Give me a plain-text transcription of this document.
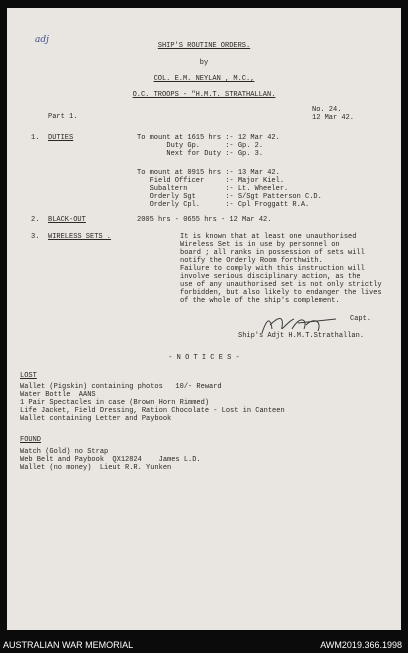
adj
SHIP'S ROUTINE ORDERS.
by
COL. E.M. NEYLAN , M.C.,
O.C. TROOPS - "H.M.T. STRATHALLAN.
Part 1.
No. 24.
12 Mar 42.
1. DUTIES	To mount at 1615 hrs :- 12 Mar 42.
Duty Gp.      :- Gp. 2.
Next for Duty :- Gp. 3.
To mount at 0915 hrs :- 13 Mar 42.
Field Officer     :- Major Kiel.
Subaltern         :- Lt. Wheeler.
Orderly Sgt       :- S/Sgt Patterson C.D.
Orderly Cpl.      :- Cpl Froggatt R.A.
2. BLACK-OUT	2005 hrs - 0655 hrs - 12 Mar 42.
3. WIRELESS SETS .	It is known that at least one unauthorised
Wireless Set is in use by personnel on
board ; all ranks in possession of sets will
notify the Orderly Room forthwith.
Failure to comply with this instruction will
involve serious disciplinary action, as the
use of any unauthorised set is not only strictly
forbidden, but also likely to endanger the lives
of the whole of the ship's complement.
Capt.
Ship's Adjt H.M.T.Strathallan.
- N O T I C E S -
LOST
Wallet (Pigskin) containing photos   10/- Reward
Water Bottle  AANS
1 Pair Spectacles in case (Brown Horn Rimmed)
Life Jacket, Field Dressing, Ration Chocolate - Lost in Canteen
Wallet containing Letter and Paybook
FOUND
Watch (Gold) no Strap
Web Belt and Paybook  QX12824    James L.D.
Wallet (no money)  Lieut R.R. Yunken
AUSTRALIAN WAR MEMORIAL	AWM2019.366.1998
